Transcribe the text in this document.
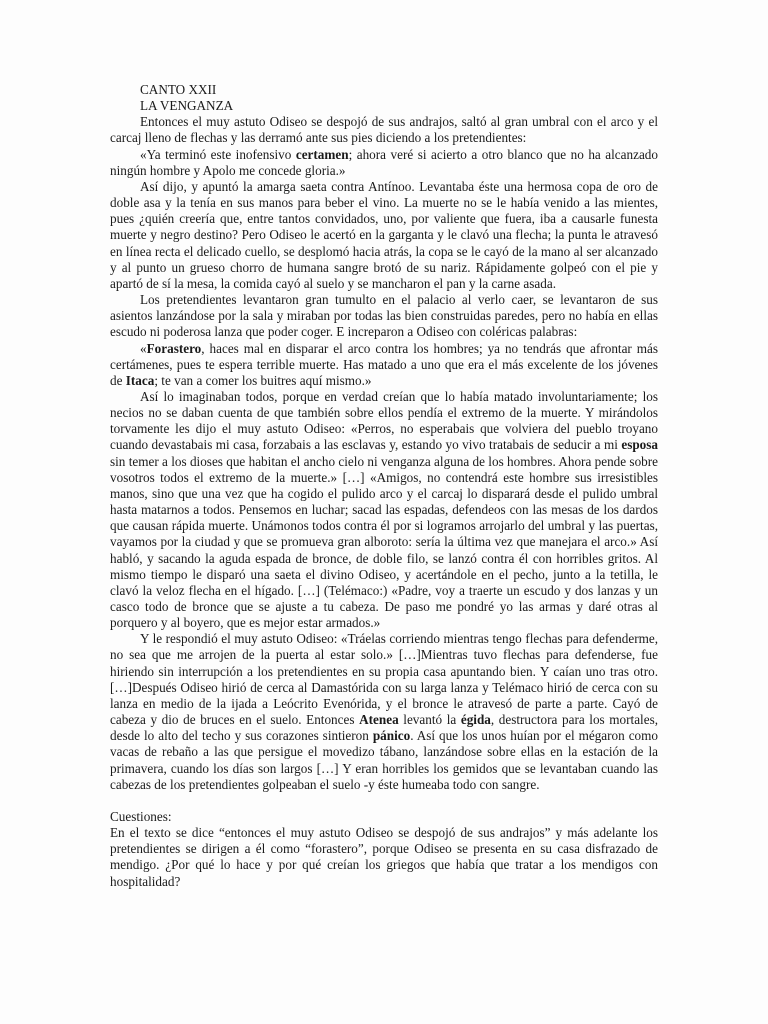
CANTO XXII

LA VENGANZA

Entonces el muy astuto Odiseo se despojó de sus andrajos, saltó al gran umbral con el arco y el carcaj lleno de flechas y las derramó ante sus pies diciendo a los pretendientes:

«Ya terminó este inofensivo certamen; ahora veré si acierto a otro blanco que no ha alcanzado ningún hombre y Apolo me concede gloria.»

Así dijo, y apuntó la amarga saeta contra Antínoo. Levantaba éste una hermosa copa de oro de doble asa y la tenía en sus manos para beber el vino. La muerte no se le había venido a las mientes, pues ¿quién creería que, entre tantos convidados, uno, por valiente que fuera, iba a causarle funesta muerte y negro destino? Pero Odiseo le acertó en la garganta y le clavó una flecha; la punta le atravesó en línea recta el delicado cuello, se desplomó hacia atrás, la copa se le cayó de la mano al ser alcanzado y al punto un grueso chorro de humana sangre brotó de su nariz. Rápidamente golpeó con el pie y apartó de sí la mesa, la comida cayó al suelo y se mancharon el pan y la carne asada.

Los pretendientes levantaron gran tumulto en el palacio al verlo caer, se levantaron de sus asientos lanzándose por la sala y miraban por todas las bien construidas paredes, pero no había en ellas escudo ni poderosa lanza que poder coger. E increparon a Odiseo con coléricas palabras:

«Forastero, haces mal en disparar el arco contra los hombres; ya no tendrás que afrontar más certámenes, pues te espera terrible muerte. Has matado a uno que era el más excelente de los jóvenes de Itaca; te van a comer los buitres aquí mismo.»

Así lo imaginaban todos, porque en verdad creían que lo había matado involuntariamente; los necios no se daban cuenta de que también sobre ellos pendía el extremo de la muerte. Y mirándolos torvamente les dijo el muy astuto Odiseo: «Perros, no esperabais que volviera del pueblo troyano cuando devastabais mi casa, forzabais a las esclavas y, estando yo vivo tratabais de seducir a mi esposa sin temer a los dioses que habitan el ancho cielo ni venganza alguna de los hombres. Ahora pende sobre vosotros todos el extremo de la muerte.» […] «Amigos, no contendrá este hombre sus irresistibles manos, sino que una vez que ha cogido el pulido arco y el carcaj lo disparará desde el pulido umbral hasta matarnos a todos. Pensemos en luchar; sacad las espadas, defendeos con las mesas de los dardos que causan rápida muerte. Unámonos todos contra él por si logramos arrojarlo del umbral y las puertas, vayamos por la ciudad y que se promueva gran alboroto: sería la última vez que manejara el arco.» Así habló, y sacando la aguda espada de bronce, de doble filo, se lanzó contra él con horribles gritos. Al mismo tiempo le disparó una saeta el divino Odiseo, y acertándole en el pecho, junto a la tetilla, le clavó la veloz flecha en el hígado. […] (Telémaco:) «Padre, voy a traerte un escudo y dos lanzas y un casco todo de bronce que se ajuste a tu cabeza. De paso me pondré yo las armas y daré otras al porquero y al boyero, que es mejor estar armados.»

Y le respondió el muy astuto Odiseo: «Tráelas corriendo mientras tengo flechas para defenderme, no sea que me arrojen de la puerta al estar solo.» […]Mientras tuvo flechas para defenderse, fue hiriendo sin interrupción a los pretendientes en su propia casa apuntando bien. Y caían uno tras otro. […]Después Odiseo hirió de cerca al Damastórida con su larga lanza y Telémaco hirió de cerca con su lanza en medio de la ijada a Leócrito Evenórida, y el bronce le atravesó de parte a parte. Cayó de cabeza y dio de bruces en el suelo. Entonces Atenea levantó la égida, destructora para los mortales, desde lo alto del techo y sus corazones sintieron pánico. Así que los unos huían por el mégaron como vacas de rebaño a las que persigue el movedizo tábano, lanzándose sobre ellas en la estación de la primavera, cuando los días son largos […] Y eran horribles los gemidos que se levantaban cuando las cabezas de los pretendientes golpeaban el suelo -y éste humeaba todo con sangre.

Cuestiones:

En el texto se dice “entonces el muy astuto Odiseo se despojó de sus andrajos” y más adelante los pretendientes se dirigen a él como “forastero”, porque Odiseo se presenta en su casa disfrazado de mendigo. ¿Por qué lo hace y por qué creían los griegos que había que tratar a los mendigos con hospitalidad?
